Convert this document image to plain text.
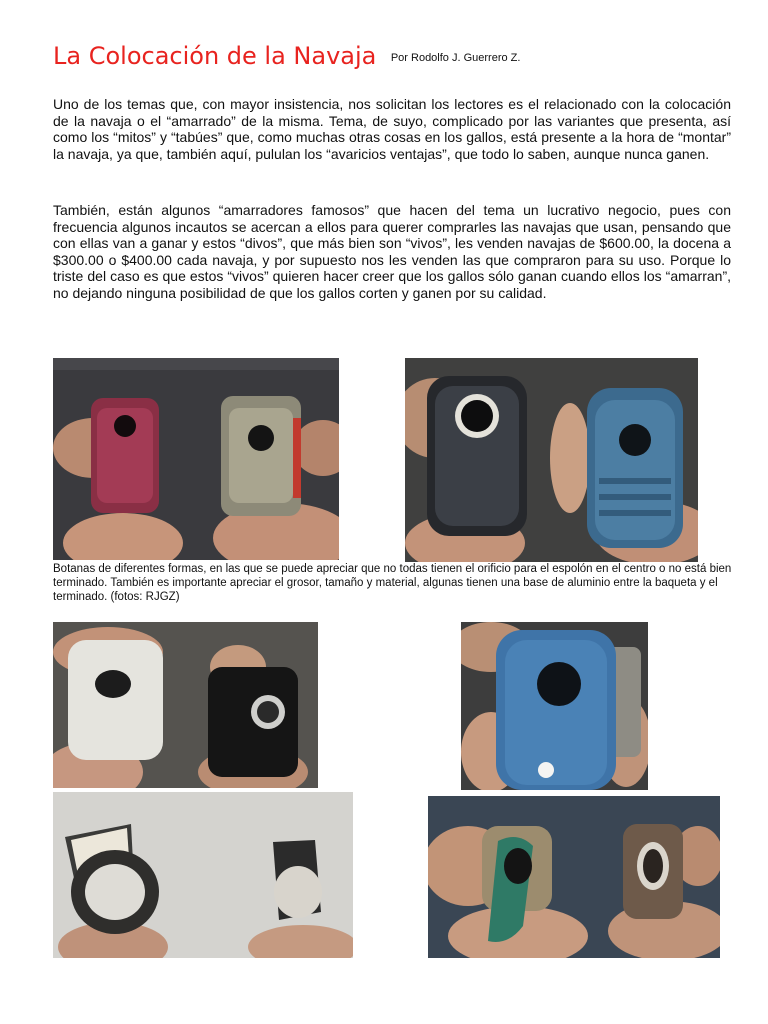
La Colocación de la Navaja Por Rodolfo J. Guerrero Z.

Uno de los temas que, con mayor insistencia, nos solicitan los lectores es el relacionado con la colocación de la navaja o el “amarrado” de la misma. Tema, de suyo, complicado por las variantes que presenta, así como los “mitos” y “tabúes” que, como muchas otras cosas en los gallos, está presente a la hora de “montar” la navaja, ya que, también aquí, pululan los “avaricios ventajas”, que todo lo saben, aunque nunca ganen.

También, están algunos “amarradores famosos” que hacen del tema un lucrativo negocio, pues con frecuencia algunos incautos se acercan a ellos para querer comprarles las navajas que usan, pensando que con ellas van a ganar y estos “divos”, que más bien son “vivos”, les venden navajas de $600.00, la docena a $300.00 o $400.00 cada navaja, y por supuesto nos les venden las que compraron para su uso. Porque lo triste del caso es que estos “vivos” quieren hacer creer que los gallos sólo ganan cuando ellos los “amarran”, no dejando ninguna posibilidad de que los gallos corten y ganen por su calidad.

Botanas de diferentes formas, en las que se puede apreciar que no todas tienen el orificio para el espolón en el centro o no está bien terminado. También es importante apreciar el grosor, tamaño y material, algunas tienen una base de aluminio entre la baqueta y el terminado. (fotos: RJGZ)
